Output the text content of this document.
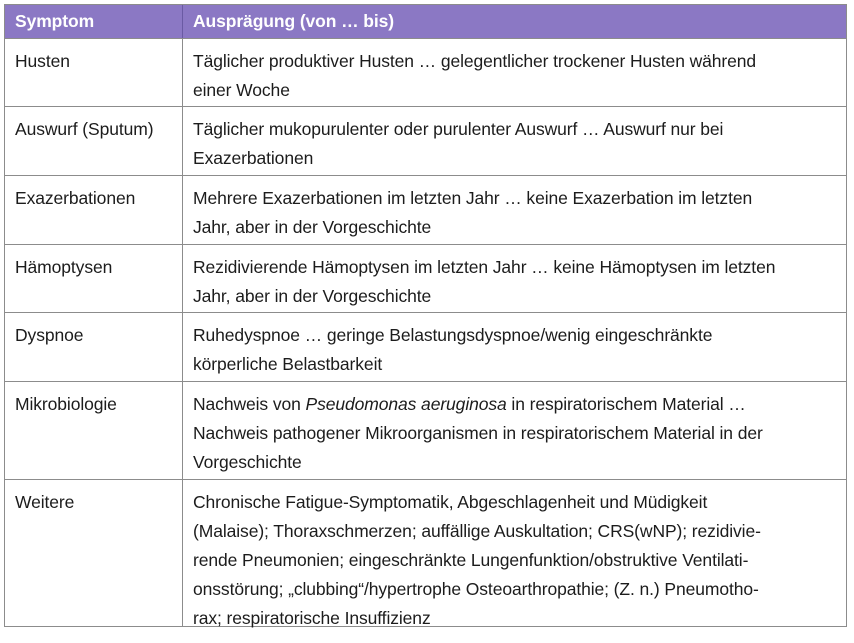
Symptom	Ausprägung (von … bis)
Husten	Täglicher produktiver Husten … gelegentlicher trockener Husten während
einer Woche
Auswurf (Sputum)	Täglicher mukopurulenter oder purulenter Auswurf … Auswurf nur bei
Exazerbationen
Exazerbationen	Mehrere Exazerbationen im letzten Jahr … keine Exazerbation im letzten
Jahr, aber in der Vorgeschichte
Hämoptysen	Rezidivierende Hämoptysen im letzten Jahr … keine Hämoptysen im letzten
Jahr, aber in der Vorgeschichte
Dyspnoe	Ruhedyspnoe … geringe Belastungsdyspnoe/wenig eingeschränkte
körperliche Belastbarkeit
Mikrobiologie	Nachweis von Pseudomonas aeruginosa in respiratorischem Material …
Nachweis pathogener Mikroorganismen in respiratorischem Material in der
Vorgeschichte
Weitere	Chronische Fatigue-Symptomatik, Abgeschlagenheit und Müdigkeit
(Malaise); Thoraxschmerzen; auffällige Auskultation; CRS(wNP); rezidivie-
rende Pneumonien; eingeschränkte Lungenfunktion/obstruktive Ventilati-
onsstörung; „clubbing“/hypertrophe Osteoarthropathie; (Z. n.) Pneumotho-
rax; respiratorische Insuffizienz
